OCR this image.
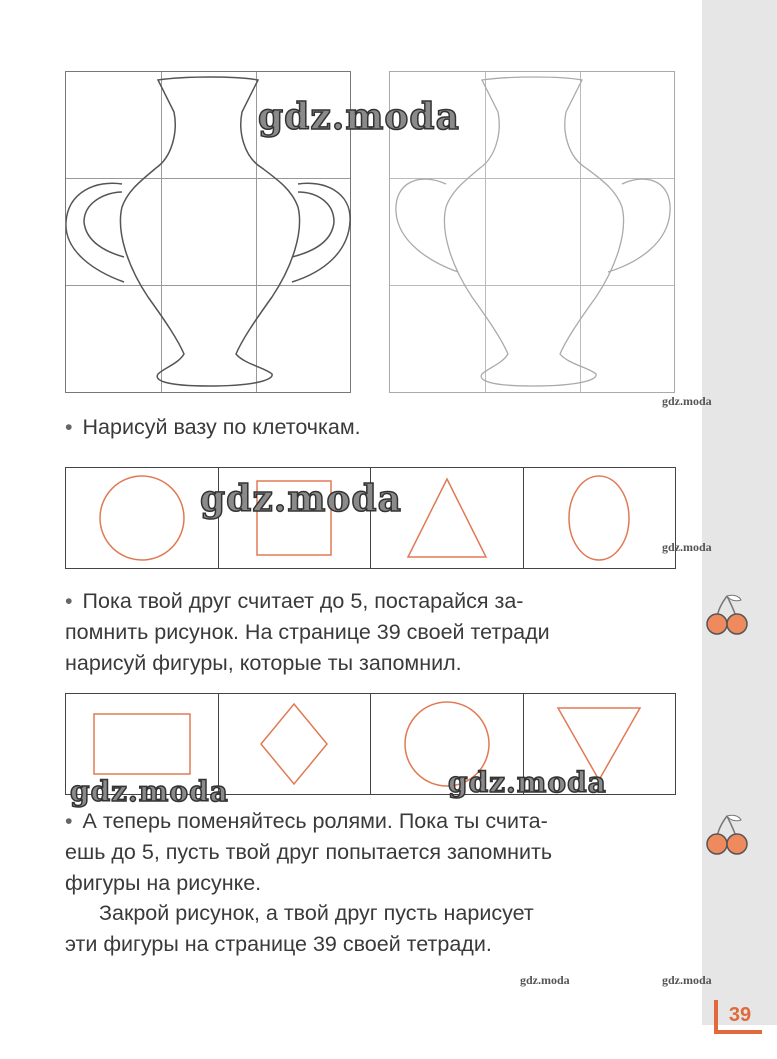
gdz.moda
gdz.moda

• Нарисуй вазу по клеточкам.

gdz.moda
gdz.moda

• Пока твой друг считает до 5, постарайся за-

помнить рисунок. На странице 39 своей тетради

нарисуй фигуры, которые ты запомнил.

gdz.moda	gdz.moda

• А теперь поменяйтесь ролями. Пока ты счита-

ешь до 5, пусть твой друг попытается запомнить

фигуры на рисунке.

Закрой рисунок, а твой друг пусть нарисует

эти фигуры на странице 39 своей тетради.

gdz.moda	gdz.moda
39
